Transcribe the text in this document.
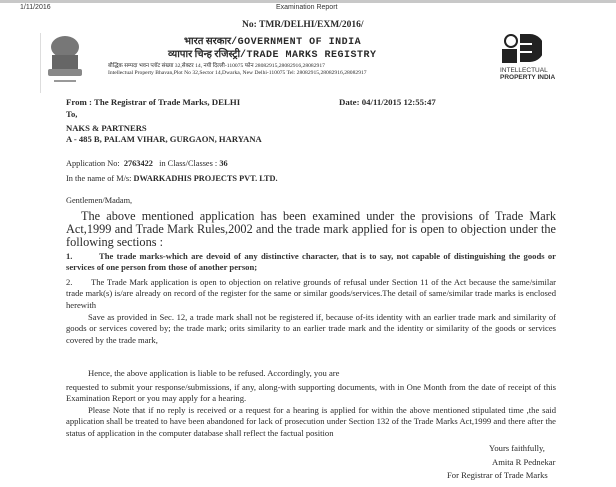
1/11/2016	Examination Report
No: TMR/DELHI/EXM/2016/
भारत सरकार/GOVERNMENT OF INDIA
व्यापार चिन्ह रजिस्ट्री/TRADE MARKS REGISTRY
बौद्धिक सम्पदा भवन प्लॉट संख्या 32,सेक्टर 14, नयी दिल्ली-110075 फोन 28082915,28082916,28082917
Intellectual Property Bhavan,Plot No 32,Sector 14,Dwarka, New Delhi-110075 Tel: 28082915,28082916,28082917	INTELLECTUAL
PROPERTY INDIA
From : The Registrar of Trade Marks, DELHI	Date: 04/11/2015 12:55:47
To,
NAKS & PARTNERS
A - 485 B, PALAM VIHAR, GURGAON, HARYANA
Application No: 2763422 in Class/Classes : 36
In the name of M/s: DWARKADHIS PROJECTS PVT. LTD.
Gentlemen/Madam,
The above mentioned application has been examined under the provisions of Trade Mark Act,1999 and Trade Mark Rules,2002 and the trade mark applied for is open to objection under the following sections :
1.	The trade marks-which are devoid of any distinctive character, that is to say, not capable of distinguishing the goods or services of one person from those of another person;
2. The Trade Mark application is open to objection on relative grounds of refusal under Section 11 of the Act because the same/similar trade mark(s) is/are already on record of the register for the same or similar goods/services.The detail of same/similar trade marks is enclosed herewith
Save as provided in Sec. 12, a trade mark shall not be registered if, because of-its identity with an earlier trade mark and similarity of goods or services covered by; the trade mark; orits similarity to an earlier trade mark and the identity or similarity of the goods or services covered by the trade mark,
Hence, the above application is liable to be refused. Accordingly, you are
requested to submit your response/submissions, if any, along-with supporting documents, with in One Month from the date of receipt of this Examination Report or you may apply for a hearing.
Please Note that if no reply is received or a request for a hearing is applied for within the above mentioned stipulated time ,the said application shall be treated to have been abandoned for lack of prosecution under Section 132 of the Trade Marks Act,1999 and there after the status of application in the computer database shall reflect the factual position
Yours faithfully,
Amita R Pednekar
For Registrar of Trade Marks
